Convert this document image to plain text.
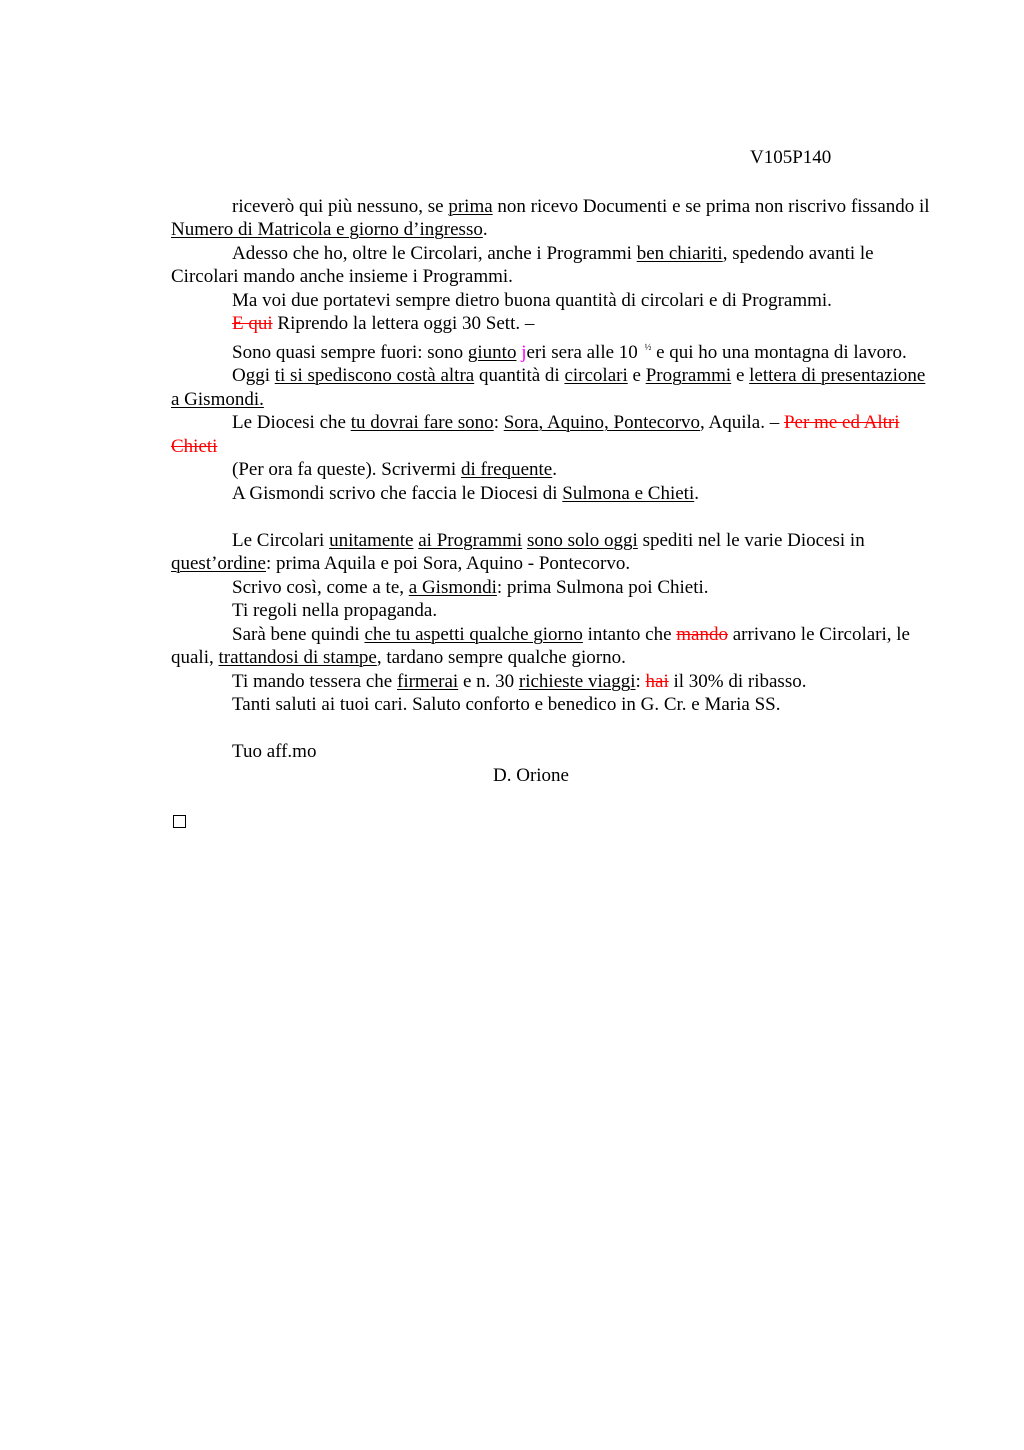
V105P140

riceverò qui più nessuno, se prima non ricevo Documenti e se prima non riscrivo fissando il Numero di Matricola e giorno d’ingresso.

Adesso che ho, oltre le Circolari, anche i Programmi ben chiariti, spedendo avanti le Circolari mando anche insieme i Programmi.

Ma voi due portatevi sempre dietro buona quantità di circolari e di Programmi.

E qui Riprendo la lettera oggi 30 Sett. –

Sono quasi sempre fuori: sono giunto jeri sera alle 10 $^{\frac{1}{2}}$ e qui ho una montagna di lavoro.

Oggi ti si spediscono costà altra quantità di circolari e Programmi e lettera di presentazione a Gismondi.

Le Diocesi che tu dovrai fare sono: Sora, Aquino, Pontecorvo, Aquila. – Per me ed Altri Chieti

(Per ora fa queste). Scrivermi di frequente.

A Gismondi scrivo che faccia le Diocesi di Sulmona e Chieti.

Le Circolari unitamente ai Programmi sono solo oggi spediti nel le varie Diocesi in quest’ordine: prima Aquila e poi Sora, Aquino - Pontecorvo.

Scrivo così, come a te, a Gismondi: prima Sulmona poi Chieti.

Ti regoli nella propaganda.

Sarà bene quindi che tu aspetti qualche giorno intanto che mando arrivano le Circolari, le quali, trattandosi di stampe, tardano sempre qualche giorno.

Ti mando tessera che firmerai e n. 30 richieste viaggi: hai il 30% di ribasso.

Tanti saluti ai tuoi cari. Saluto conforto e benedico in G. Cr. e Maria SS.

Tuo aff.mo

D. Orione
